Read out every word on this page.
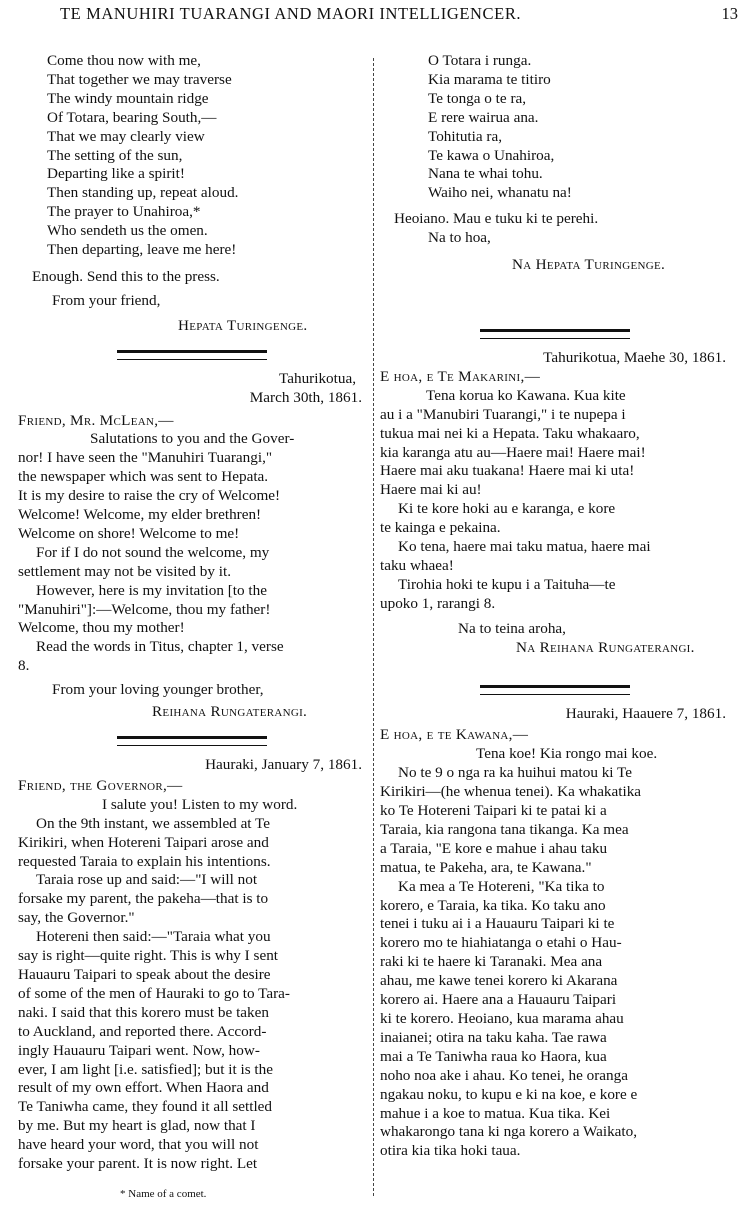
TE MANUHIRI TUARANGI AND MAORI INTELLIGENCER.	13
Come thou now with me,
That together we may traverse
The windy mountain ridge
Of Totara, bearing South,—
That we may clearly view
The setting of the sun,
Departing like a spirit!
Then standing up, repeat aloud.
The prayer to Unahiroa,*
Who sendeth us the omen.
Then departing, leave me here!
Enough. Send this to the press.
From your friend,
Hepata Turingenge.
Tahurikotua,
March 30th, 1861.
Friend, Mr. McLean,—
Salutations to you and the Gover-
nor! I have seen the "Manuhiri Tuarangi,"
the newspaper which was sent to Hepata.
It is my desire to raise the cry of Welcome!
Welcome! Welcome, my elder brethren!
Welcome on shore! Welcome to me!
For if I do not sound the welcome, my
settlement may not be visited by it.
However, here is my invitation [to the
"Manuhiri"]:—Welcome, thou my father!
Welcome, thou my mother!
Read the words in Titus, chapter 1, verse
8.
From your loving younger brother,
Reihana Rungaterangi.
Hauraki, January 7, 1861.
Friend, the Governor,—
I salute you! Listen to my word.
On the 9th instant, we assembled at Te
Kirikiri, when Hotereni Taipari arose and
requested Taraia to explain his intentions.
Taraia rose up and said:—"I will not
forsake my parent, the pakeha—that is to
say, the Governor."
Hotereni then said:—"Taraia what you
say is right—quite right. This is why I sent
Hauauru Taipari to speak about the desire
of some of the men of Hauraki to go to Tara-
naki. I said that this korero must be taken
to Auckland, and reported there. Accord-
ingly Hauauru Taipari went. Now, how-
ever, I am light [i.e. satisfied]; but it is the
result of my own effort. When Haora and
Te Taniwha came, they found it all settled
by me. But my heart is glad, now that I
have heard your word, that you will not
forsake your parent. It is now right. Let
* Name of a comet.
O Totara i runga.
Kia marama te titiro
Te tonga o te ra,
E rere wairua ana.
Tohitutia ra,
Te kawa o Unahiroa,
Nana te whai tohu.
Waiho nei, whanatu na!
Heoiano. Mau e tuku ki te perehi.
Na to hoa,
Na Hepata Turingenge.
Tahurikotua, Maehe 30, 1861.
E hoa, e Te Makarini,—
Tena korua ko Kawana. Kua kite
au i a "Manubiri Tuarangi," i te nupepa i
tukua mai nei ki a Hepata. Taku whakaaro,
kia karanga atu au—Haere mai! Haere mai!
Haere mai aku tuakana! Haere mai ki uta!
Haere mai ki au!
Ki te kore hoki au e karanga, e kore
te kainga e pekaina.
Ko tena, haere mai taku matua, haere mai
taku whaea!
Tirohia hoki te kupu i a Taituha—te
upoko 1, rarangi 8.
Na to teina aroha,
Na Reihana Rungaterangi.
Hauraki, Haauere 7, 1861.
E hoa, e te Kawana,—
Tena koe! Kia rongo mai koe.
No te 9 o nga ra ka huihui matou ki Te
Kirikiri—(he whenua tenei). Ka whakatika
ko Te Hotereni Taipari ki te patai ki a
Taraia, kia rangona tana tikanga. Ka mea
a Taraia, "E kore e mahue i ahau taku
matua, te Pakeha, ara, te Kawana."
Ka mea a Te Hotereni, "Ka tika to
korero, e Taraia, ka tika. Ko taku ano
tenei i tuku ai i a Hauauru Taipari ki te
korero mo te hiahiatanga o etahi o Hau-
raki ki te haere ki Taranaki. Mea ana
ahau, me kawe tenei korero ki Akarana
korero ai. Haere ana a Hauauru Taipari
ki te korero. Heoiano, kua marama ahau
inaianei; otira na taku kaha. Tae rawa
mai a Te Taniwha raua ko Haora, kua
noho noa ake i ahau. Ko tenei, he oranga
ngakau noku, to kupu e ki na koe, e kore e
mahue i a koe to matua. Kua tika. Kei
whakarongo tana ki nga korero a Waikato,
otira kia tika hoki taua.
